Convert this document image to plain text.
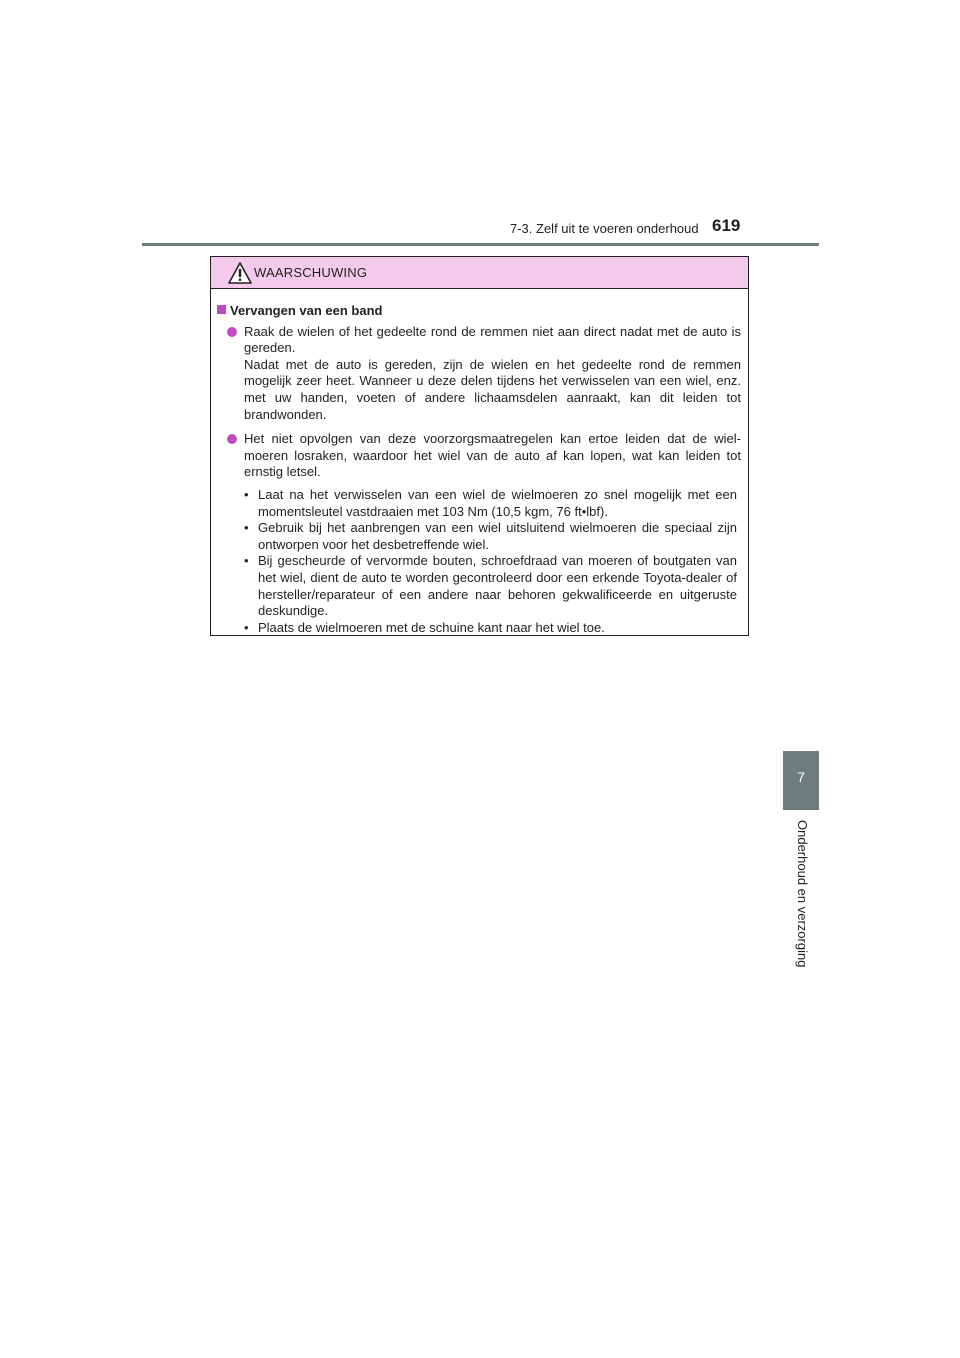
7-3. Zelf uit te voeren onderhoud 619
7
Onderhoud en verzorging
WAARSCHUWING
Vervangen van een band

Raak de wielen of het gedeelte rond de remmen niet aan direct nadat met de auto is gereden.

Nadat met de auto is gereden, zijn de wielen en het gedeelte rond de remmen mogelijk zeer heet. Wanneer u deze delen tijdens het verwisselen van een wiel, enz. met uw handen, voeten of andere lichaamsdelen aanraakt, kan dit leiden tot brandwonden.

Het niet opvolgen van deze voorzorgsmaatregelen kan ertoe leiden dat de wiel-moeren losraken, waardoor het wiel van de auto af kan lopen, wat kan leiden tot ernstig letsel.

• Laat na het verwisselen van een wiel de wielmoeren zo snel mogelijk met een momentsleutel vastdraaien met 103 Nm (10,5 kgm, 76 ft•lbf).
• Gebruik bij het aanbrengen van een wiel uitsluitend wielmoeren die speciaal zijn ontworpen voor het desbetreffende wiel.
• Bij gescheurde of vervormde bouten, schroefdraad van moeren of boutgaten van het wiel, dient de auto te worden gecontroleerd door een erkende Toyota-dealer of hersteller/reparateur of een andere naar behoren gekwalificeerde en uitgeruste deskundige.
• Plaats de wielmoeren met de schuine kant naar het wiel toe.
